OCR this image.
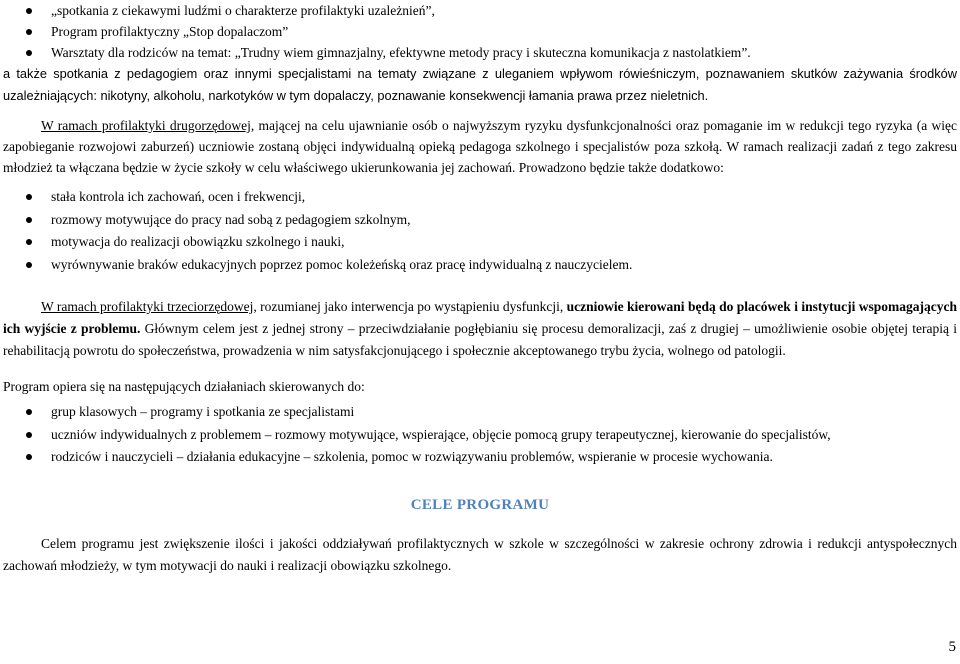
„spotkania z ciekawymi ludźmi o charakterze profilaktyki uzależnień”,
Program profilaktyczny „Stop dopalaczom”
Warsztaty dla rodziców na temat: „Trudny wiem gimnazjalny, efektywne metody pracy i skuteczna komunikacja z nastolatkiem”.

a także spotkania z pedagogiem oraz innymi specjalistami na tematy związane z uleganiem wpływom rówieśniczym, poznawaniem skutków zażywania środków uzależniających: nikotyny, alkoholu, narkotyków w tym dopalaczy, poznawanie konsekwencji łamania prawa przez nieletnich.

W ramach profilaktyki drugorzędowej, mającej na celu ujawnianie osób o najwyższym ryzyku dysfunkcjonalności oraz pomaganie im w redukcji tego ryzyka (a więc zapobieganie rozwojowi zaburzeń) uczniowie zostaną objęci indywidualną opieką pedagoga szkolnego i specjalistów poza szkołą. W ramach realizacji zadań z tego zakresu młodzież ta włączana będzie w życie szkoły w celu właściwego ukierunkowania jej zachowań. Prowadzono będzie także dodatkowo:

stała kontrola ich zachowań, ocen i frekwencji,
rozmowy motywujące do pracy nad sobą z pedagogiem szkolnym,
motywacja do realizacji obowiązku szkolnego i nauki,
wyrównywanie braków edukacyjnych poprzez pomoc koleżeńską oraz pracę indywidualną z nauczycielem.

W ramach profilaktyki trzeciorzędowej, rozumianej jako interwencja po wystąpieniu dysfunkcji, uczniowie kierowani będą do placówek i instytucji wspomagających ich wyjście z problemu. Głównym celem jest z jednej strony – przeciwdziałanie pogłębianiu się procesu demoralizacji, zaś z drugiej – umożliwienie osobie objętej terapią i rehabilitacją powrotu do społeczeństwa, prowadzenia w nim satysfakcjonującego i społecznie akceptowanego trybu życia, wolnego od patologii.

Program opiera się na następujących działaniach skierowanych do:

grup klasowych – programy i spotkania ze specjalistami
uczniów indywidualnych z problemem – rozmowy motywujące, wspierające, objęcie pomocą grupy terapeutycznej, kierowanie do specjalistów,
rodziców i nauczycieli – działania edukacyjne – szkolenia, pomoc w rozwiązywaniu problemów, wspieranie w procesie wychowania.
CELE PROGRAMU

Celem programu jest zwiększenie ilości i jakości oddziaływań profilaktycznych w szkole w szczególności w zakresie ochrony zdrowia i redukcji antyspołecznych zachowań młodzieży, w tym motywacji do nauki i realizacji obowiązku szkolnego.

5
